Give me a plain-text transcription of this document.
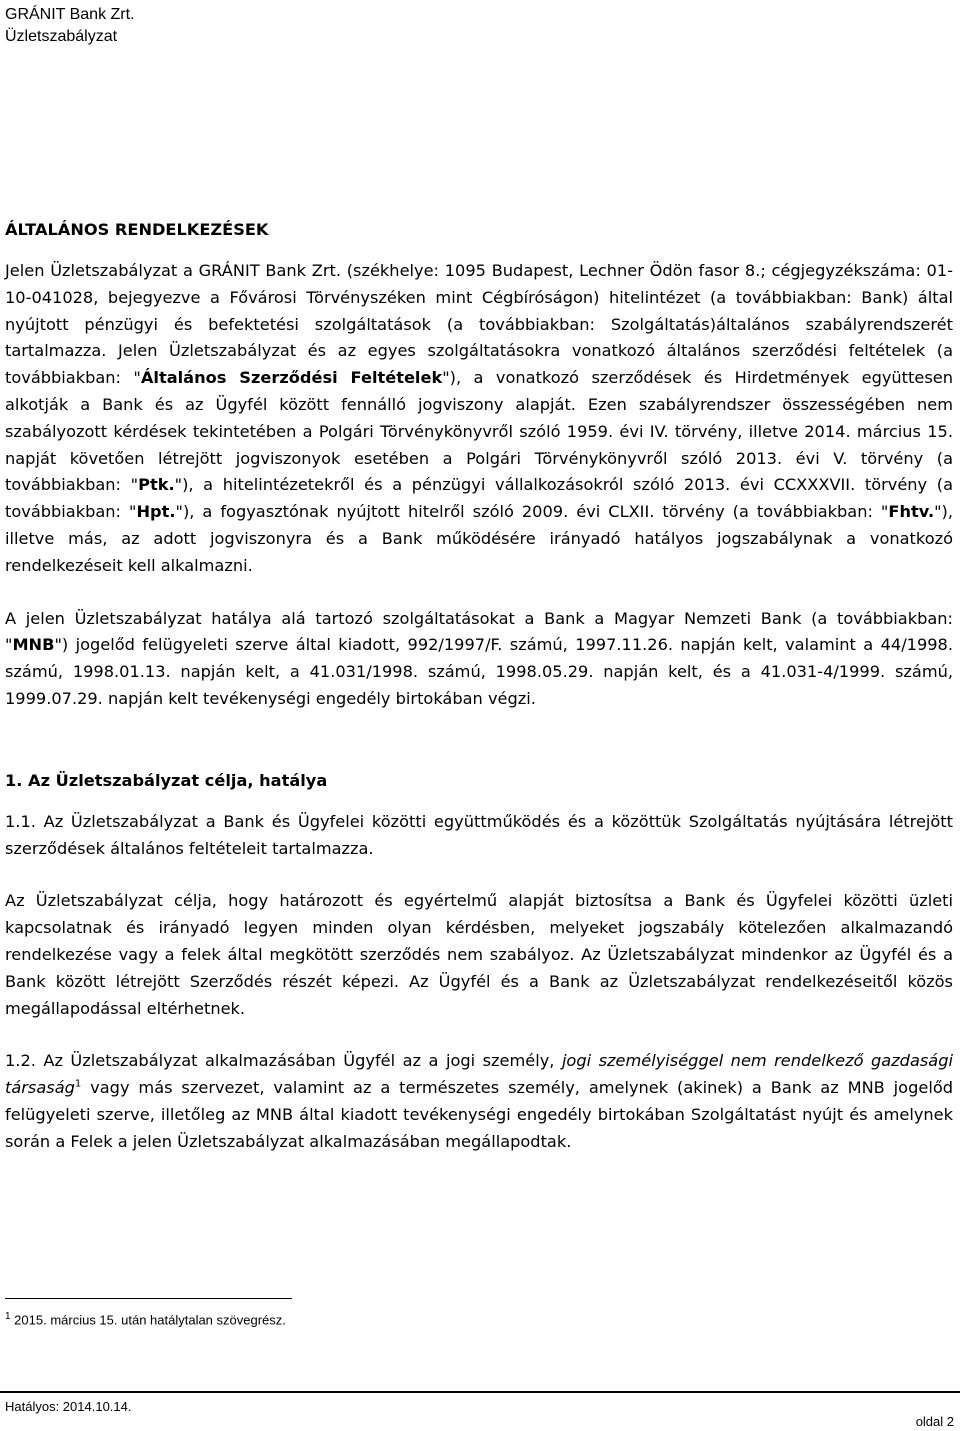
GRÁNIT Bank Zrt.
Üzletszabályzat
ÁLTALÁNOS RENDELKEZÉSEK

Jelen Üzletszabályzat a GRÁNIT Bank Zrt. (székhelye: 1095 Budapest, Lechner Ödön fasor 8.; cégjegyzékszáma: 01-10-041028, bejegyezve a Fővárosi Törvényszéken mint Cégbíróságon) hitelintézet (a továbbiakban: Bank) által nyújtott pénzügyi és befektetési szolgáltatások (a továbbiakban: Szolgáltatás)általános szabályrendszerét tartalmazza. Jelen Üzletszabályzat és az egyes szolgáltatásokra vonatkozó általános szerződési feltételek (a továbbiakban: "Általános Szerződési Feltételek"), a vonatkozó szerződések és Hirdetmények együttesen alkotják a Bank és az Ügyfél között fennálló jogviszony alapját. Ezen szabályrendszer összességében nem szabályozott kérdések tekintetében a Polgári Törvénykönyvről szóló 1959. évi IV. törvény, illetve 2014. március 15. napját követően létrejött jogviszonyok esetében a Polgári Törvénykönyvről szóló 2013. évi V. törvény (a továbbiakban: "Ptk."), a hitelintézetekről és a pénzügyi vállalkozásokról szóló 2013. évi CCXXXVII. törvény (a továbbiakban: "Hpt."), a fogyasztónak nyújtott hitelről szóló 2009. évi CLXII. törvény (a továbbiakban: "Fhtv."), illetve más, az adott jogviszonyra és a Bank működésére irányadó hatályos jogszabálynak a vonatkozó rendelkezéseit kell alkalmazni.

A jelen Üzletszabályzat hatálya alá tartozó szolgáltatásokat a Bank a Magyar Nemzeti Bank (a továbbiakban: "MNB") jogelőd felügyeleti szerve által kiadott, 992/1997/F. számú, 1997.11.26. napján kelt, valamint a 44/1998. számú, 1998.01.13. napján kelt, a 41.031/1998. számú, 1998.05.29. napján kelt, és a 41.031-4/1999. számú, 1999.07.29. napján kelt tevékenységi engedély birtokában végzi.

1. Az Üzletszabályzat célja, hatálya

1.1. Az Üzletszabályzat a Bank és Ügyfelei közötti együttműködés és a közöttük Szolgáltatás nyújtására létrejött szerződések általános feltételeit tartalmazza.

Az Üzletszabályzat célja, hogy határozott és egyértelmű alapját biztosítsa a Bank és Ügyfelei közötti üzleti kapcsolatnak és irányadó legyen minden olyan kérdésben, melyeket jogszabály kötelezően alkalmazandó rendelkezése vagy a felek által megkötött szerződés nem szabályoz. Az Üzletszabályzat mindenkor az Ügyfél és a Bank között létrejött Szerződés részét képezi. Az Ügyfél és a Bank az Üzletszabályzat rendelkezéseitől közös megállapodással eltérhetnek.

1.2. Az Üzletszabályzat alkalmazásában Ügyfél az a jogi személy, jogi személyiséggel nem rendelkező gazdasági társaság$^1$ vagy más szervezet, valamint az a természetes személy, amelynek (akinek) a Bank az MNB jogelőd felügyeleti szerve, illetőleg az MNB által kiadott tevékenységi engedély birtokában Szolgáltatást nyújt és amelynek során a Felek a jelen Üzletszabályzat alkalmazásában megállapodtak.

$^1$ 2015. március 15. után hatálytalan szövegrész.
Hatályos: 2014.10.14.
oldal 2
